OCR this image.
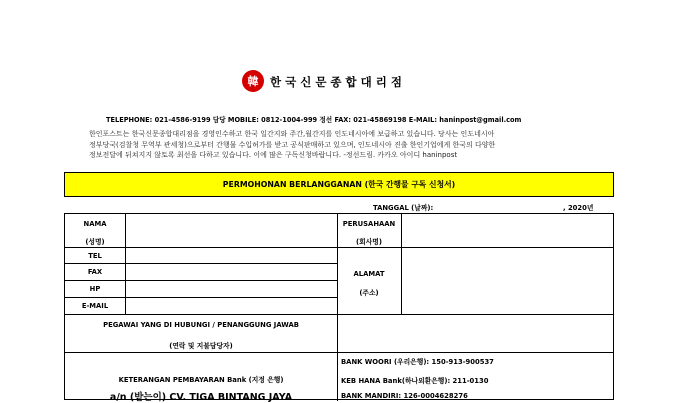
韓 한국신문종합대리점
TELEPHONE: 021-4586-9199 담당 MOBILE: 0812-1004-999 정선 FAX: 021-45869198 E-MAIL: haninpost@gmail.com
한인포스트는 한국신문종합대리점을 경영인수하고 한국 일간지와 주간,월간지를 인도네시아에 보급하고 있습니다. 당사는 인도네시아
정부당국(검찰청 무역부 관세청)으로부터 간행물 수입허가를 받고 공식판매하고 있으며, 인도네시아 진출 한인기업에게 한국의 다양한
정보전달에 뒤쳐지지 않토록 최선을 다하고 있습니다. 이에 많은 구독신청바랍니다. -정선드림. 카카오 아이디 haninpost
PERMOHONAN BERLANGGANAN (한국 간행물 구독 신청서)
TANGGAL (날짜):	, 2020년
NAMA
(성명)
PERUSAHAAN
(회사명)
TEL
FAX
HP
E-MAIL
ALAMAT
(주소)
PEGAWAI YANG DI HUBUNGI / PENANGGUNG JAWAB
(연락 및 지불담당자)
KETERANGAN PEMBAYARAN Bank (지정 은행)
a/n (받는이) CV. TIGA BINTANG JAYA
BANK WOORI (우리은행): 150-913-900537
KEB HANA Bank(하나외환은행): 211-0130
BANK MANDIRI: 126-0004628276
